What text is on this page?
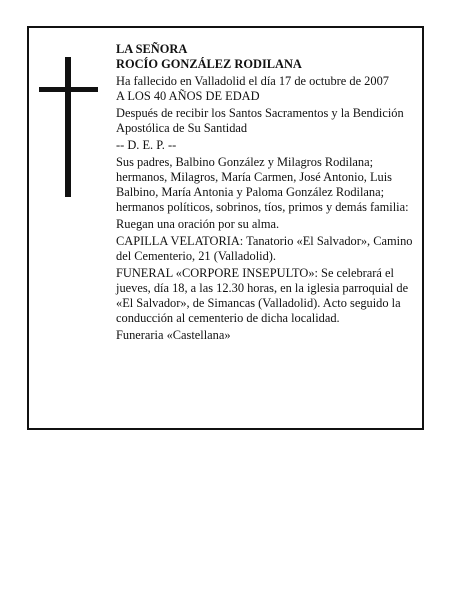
LA SEÑORA

ROCÍO GONZÁLEZ RODILANA

Ha fallecido en Valladolid el día 17 de octubre de 2007

A LOS 40 AÑOS DE EDAD

Después de recibir los Santos Sacramentos y la Bendición Apostólica de Su Santidad

-- D. E. P. --

Sus padres, Balbino González y Milagros Rodilana; hermanos, Milagros, María Carmen, José Antonio, Luis Balbino, María Antonia y Paloma González Rodilana; hermanos políticos, sobrinos, tíos, primos y demás familia:

Ruegan una oración por su alma.

CAPILLA VELATORIA: Tanatorio «El Salvador», Camino del Cementerio, 21 (Valladolid).

FUNERAL «CORPORE INSEPULTO»: Se celebrará el jueves, día 18, a las 12.30 horas, en la iglesia parroquial de «El Salvador», de Simancas (Valladolid). Acto seguido la conducción al cementerio de dicha localidad.

Funeraria «Castellana»
